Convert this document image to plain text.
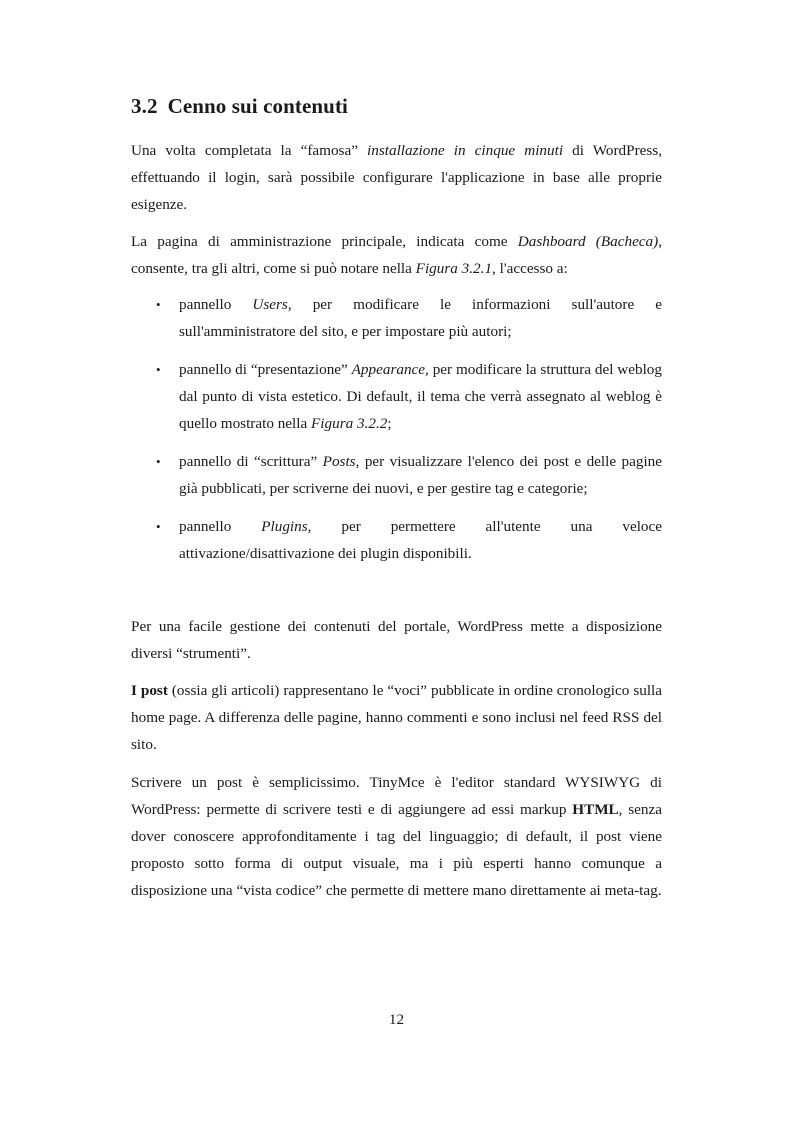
3.2 Cenno sui contenuti
Una volta completata la “famosa” installazione in cinque minuti di WordPress, effettuando il login, sarà possibile configurare l'applicazione in base alle proprie esigenze.
La pagina di amministrazione principale, indicata come Dashboard (Bacheca), consente, tra gli altri, come si può notare nella Figura 3.2.1, l'accesso a:
• pannello Users, per modificare le informazioni sull'autore e
sull'amministratore del sito, e per impostare più autori;
• pannello di “presentazione” Appearance, per modificare la struttura del weblog dal punto di vista estetico. Di default, il tema che verrà assegnato al weblog è quello mostrato nella Figura 3.2.2;
• pannello di “scrittura” Posts, per visualizzare l'elenco dei post e delle pagine già pubblicati, per scriverne dei nuovi, e per gestire tag e categorie;
• pannello Plugins, per permettere all'utente una veloce
attivazione/disattivazione dei plugin disponibili.
Per una facile gestione dei contenuti del portale, WordPress mette a disposizione diversi “strumenti”.
I post (ossia gli articoli) rappresentano le “voci” pubblicate in ordine cronologico sulla home page. A differenza delle pagine, hanno commenti e sono inclusi nel feed RSS del sito.
Scrivere un post è semplicissimo. TinyMce è l'editor standard WYSIWYG di WordPress: permette di scrivere testi e di aggiungere ad essi markup HTML, senza dover conoscere approfonditamente i tag del linguaggio; di default, il post viene proposto sotto forma di output visuale, ma i più esperti hanno comunque a disposizione una “vista codice” che permette di mettere mano direttamente ai meta-tag.
12
